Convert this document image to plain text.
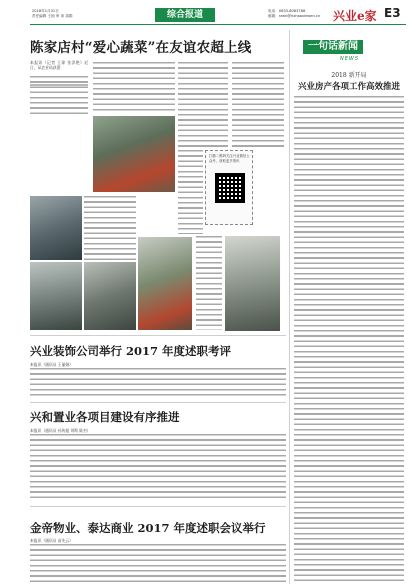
2018年1月31日
责任编辑 王琼 审 读 周娟	综合报道	电话：0633-8083788
邮箱：rzwn@rizhaoxinwen.cn	兴业e家 E3
陈家店村“爱心蔬菜”在友谊农超上线
本报讯（记者 王琼 张淳艳）近日，从农业局获悉
扫描二维码关注兴业微信公众号，获取更多资讯
兴业装饰公司举行 2017 年度述职考评
本报讯（通讯员 王丽娟）
兴和置业各项目建设有序推进
本报讯（通讯员 孙传超 刘鸣 陈杰）
金帝物业、泰达商业 2017 年度述职会议举行
本报讯（通讯员 苗先云）
一句话新闻
NEWS
2018 新开局
兴业房产各项工作高效推进
